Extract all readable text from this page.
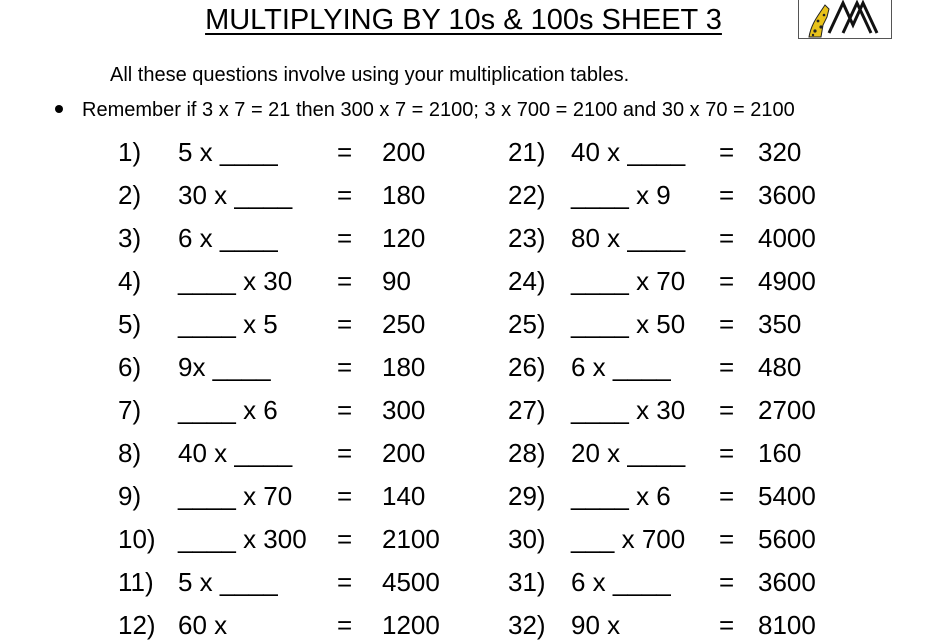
MULTIPLYING BY 10s & 100s SHEET 3
All these questions involve using your multiplication tables.
Remember if 3 x 7 = 21 then 300 x 7 = 2100; 3 x 700 = 2100 and 30 x 70 = 2100
1) 5 x ____ = 200
2) 30 x ____ = 180
3) 6 x ____ = 120
4) ____ x 30 = 90
5) ____ x 5 = 250
6) 9x ____	= 180
7) ____ x 6 = 300
8) 40 x ____ = 200
9) ____ x 70 = 140
10) ____ x 300 = 2100
11) 5 x ____ = 4500
12) 60 x	= 1200
21) 40 x ____ = 320
22) ____ x 9 = 3600
23) 80 x ____ = 4000
24) ____ x 70 = 4900
25) ____ x 50 = 350
26) 6 x ____ = 480
27) ____ x 30 = 2700
28) 20 x ____ = 160
29) ____ x 6 = 5400
30) ___ x 700 = 5600
31) 6 x ____ = 3600
32) 90 x	= 8100
